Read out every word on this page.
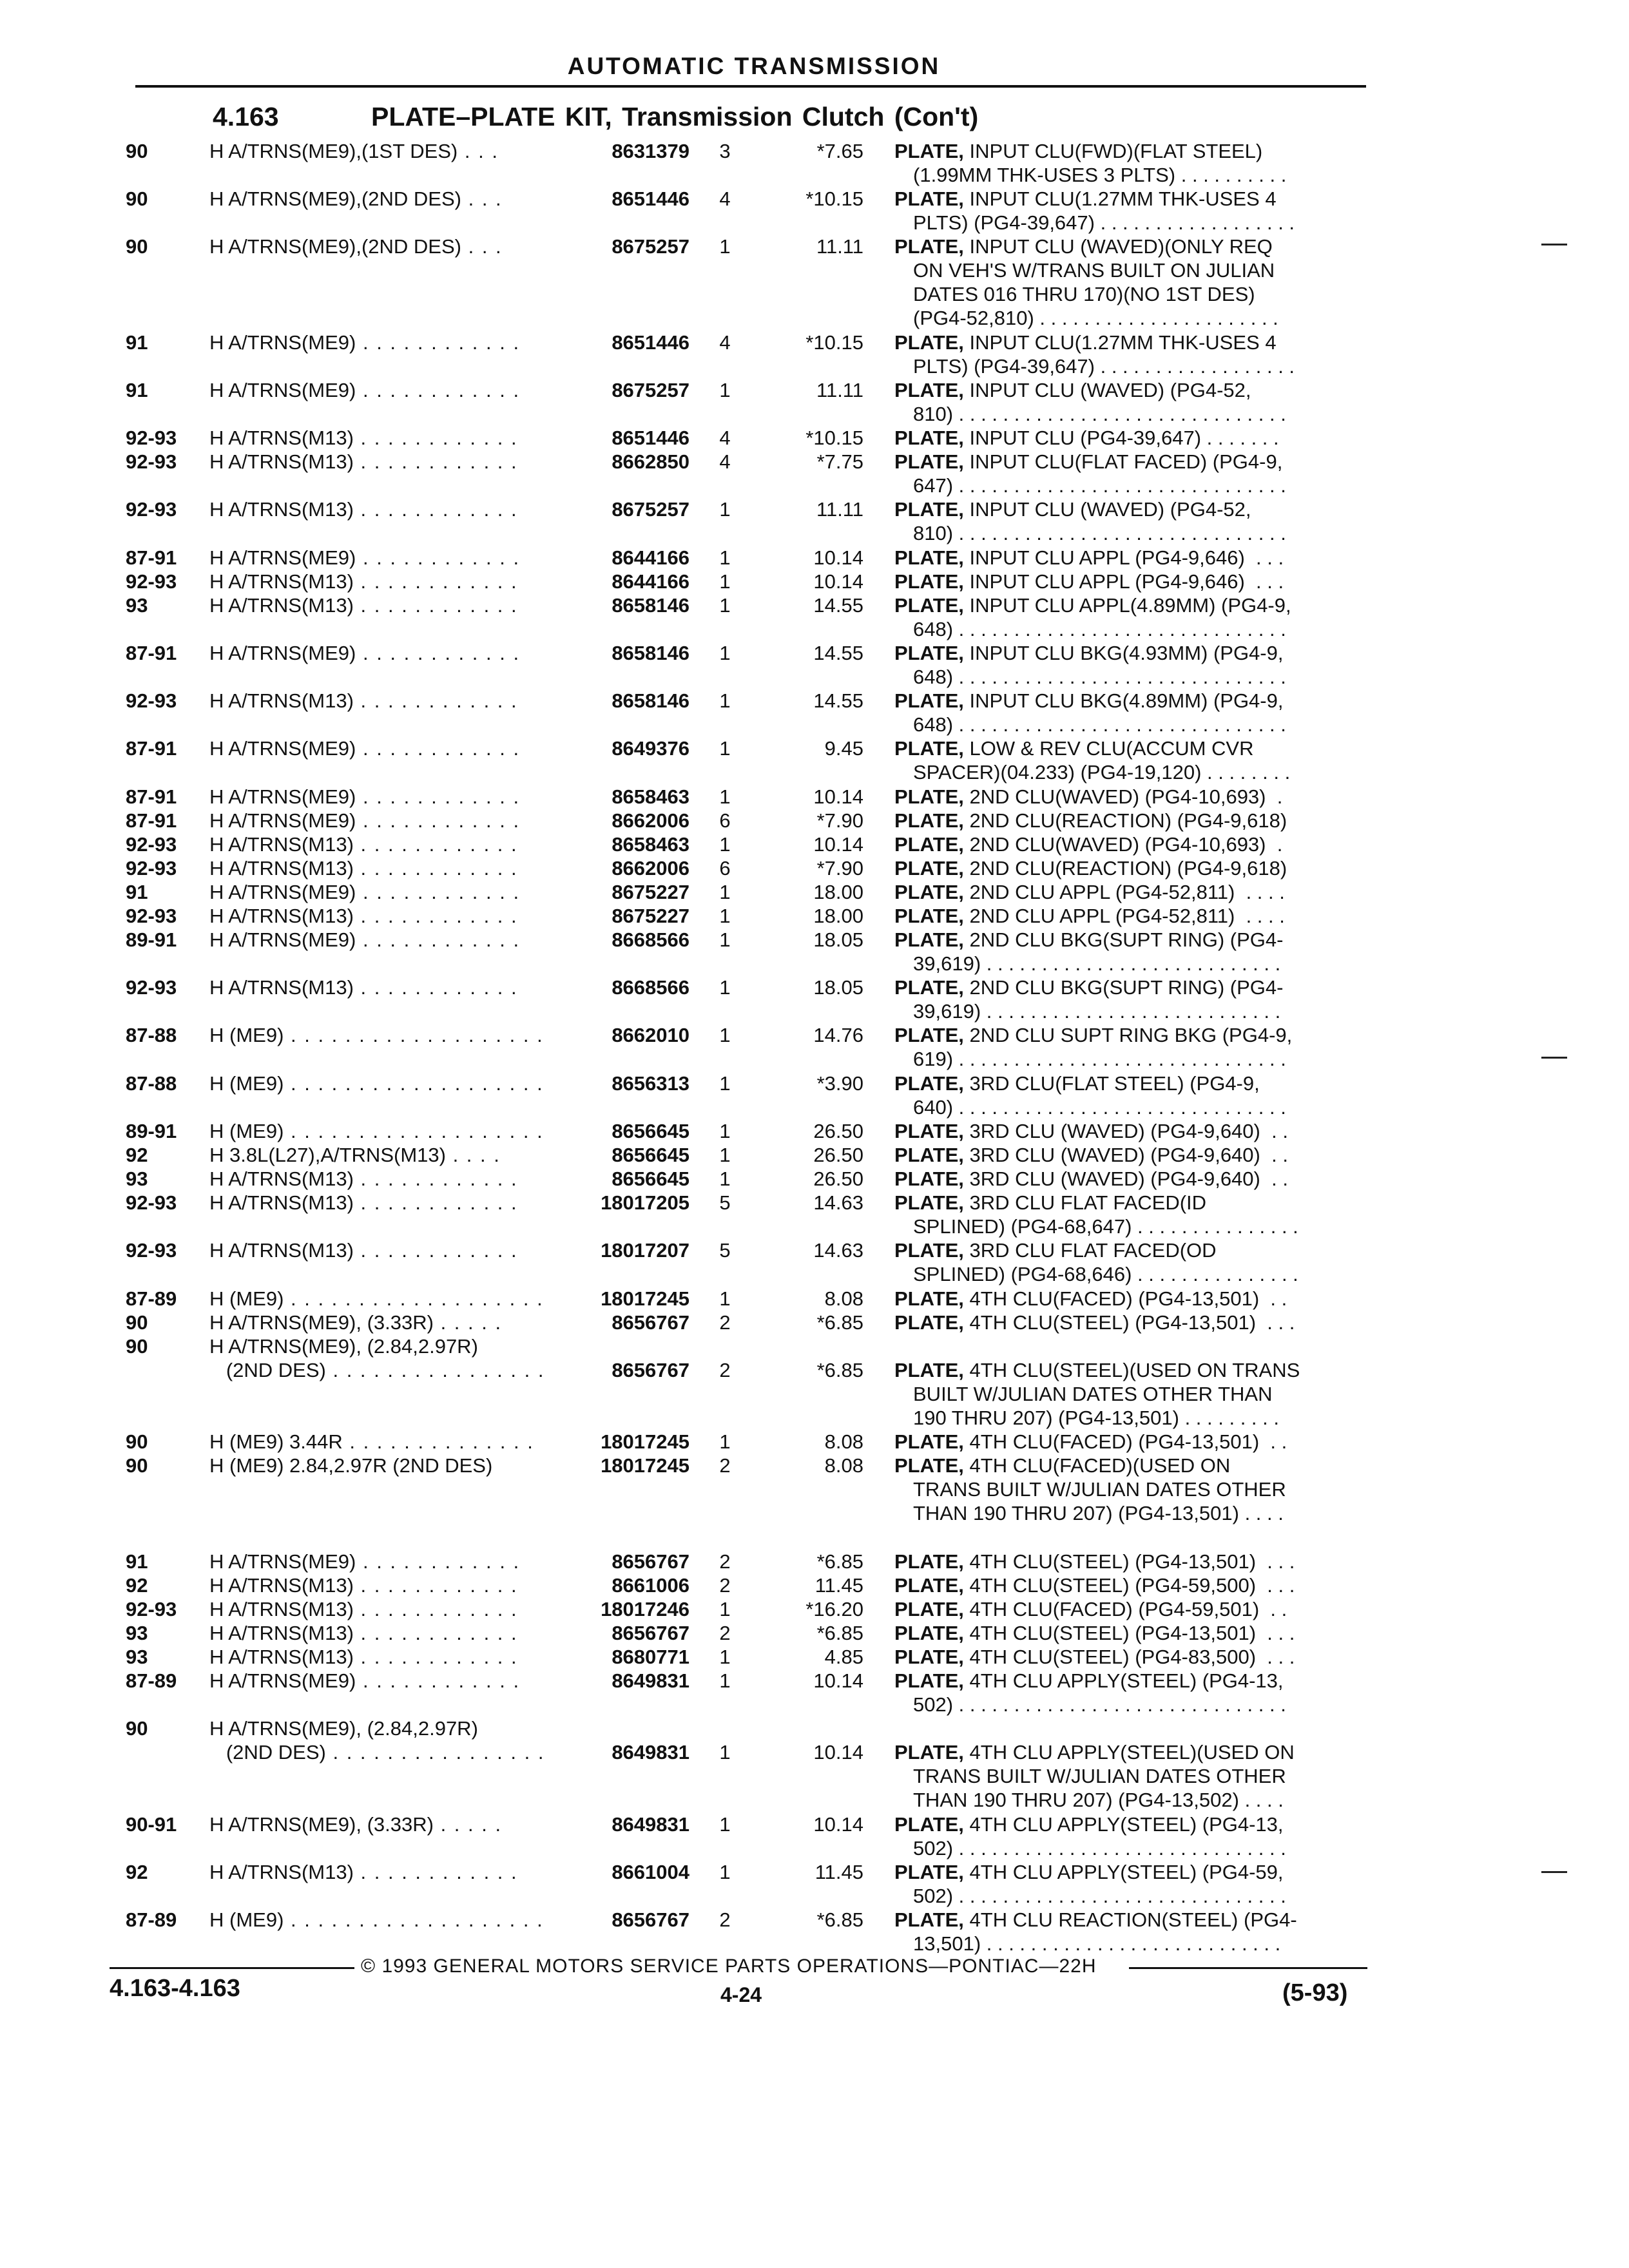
AUTOMATIC TRANSMISSION
4.163	PLATE–PLATE KIT, Transmission Clutch (Con't)
90	H A/TRNS(ME9),(1ST DES) . . .	8631379	3	*7.65 PLATE, INPUT CLU(FWD)(FLAT STEEL)
(1.99MM THK-USES 3 PLTS) . . . . . . . . . .
90	H A/TRNS(ME9),(2ND DES) . . .	8651446	4	*10.15 PLATE, INPUT CLU(1.27MM THK-USES 4
PLTS) (PG4-39,647) . . . . . . . . . . . . . . . . . .
90	H A/TRNS(ME9),(2ND DES) . . .	8675257	1	11.11 PLATE, INPUT CLU (WAVED)(ONLY REQ
ON VEH'S W/TRANS BUILT ON JULIAN
DATES 016 THRU 170)(NO 1ST DES)
(PG4-52,810) . . . . . . . . . . . . . . . . . . . . . .
91	H A/TRNS(ME9) . . . . . . . . . . . .	8651446	4	*10.15 PLATE, INPUT CLU(1.27MM THK-USES 4
PLTS) (PG4-39,647) . . . . . . . . . . . . . . . . . .
91	H A/TRNS(ME9) . . . . . . . . . . . .	8675257	1	11.11 PLATE, INPUT CLU (WAVED) (PG4-52,
810) . . . . . . . . . . . . . . . . . . . . . . . . . . . . . .
92-93	H A/TRNS(M13) . . . . . . . . . . . .	8651446	4	*10.15 PLATE, INPUT CLU (PG4-39,647) . . . . . . .
92-93	H A/TRNS(M13) . . . . . . . . . . . .	8662850	4	*7.75 PLATE, INPUT CLU(FLAT FACED) (PG4-9,
647) . . . . . . . . . . . . . . . . . . . . . . . . . . . . . .
92-93	H A/TRNS(M13) . . . . . . . . . . . .	8675257	1	11.11 PLATE, INPUT CLU (WAVED) (PG4-52,
810) . . . . . . . . . . . . . . . . . . . . . . . . . . . . . .
87-91	H A/TRNS(ME9) . . . . . . . . . . . .	8644166	1	10.14 PLATE, INPUT CLU APPL (PG4-9,646)  . . .
92-93	H A/TRNS(M13) . . . . . . . . . . . .	8644166	1	10.14 PLATE, INPUT CLU APPL (PG4-9,646)  . . .
93	H A/TRNS(M13) . . . . . . . . . . . .	8658146	1	14.55 PLATE, INPUT CLU APPL(4.89MM) (PG4-9,
648) . . . . . . . . . . . . . . . . . . . . . . . . . . . . . .
87-91	H A/TRNS(ME9) . . . . . . . . . . . .	8658146	1	14.55 PLATE, INPUT CLU BKG(4.93MM) (PG4-9,
648) . . . . . . . . . . . . . . . . . . . . . . . . . . . . . .
92-93	H A/TRNS(M13) . . . . . . . . . . . .	8658146	1	14.55 PLATE, INPUT CLU BKG(4.89MM) (PG4-9,
648) . . . . . . . . . . . . . . . . . . . . . . . . . . . . . .
87-91	H A/TRNS(ME9) . . . . . . . . . . . .	8649376	1	9.45 PLATE, LOW & REV CLU(ACCUM CVR
SPACER)(04.233) (PG4-19,120) . . . . . . . .
87-91	H A/TRNS(ME9) . . . . . . . . . . . .	8658463	1	10.14 PLATE, 2ND CLU(WAVED) (PG4-10,693)  .
87-91	H A/TRNS(ME9) . . . . . . . . . . . .	8662006	6	*7.90 PLATE, 2ND CLU(REACTION) (PG4-9,618)
92-93	H A/TRNS(M13) . . . . . . . . . . . .	8658463	1	10.14 PLATE, 2ND CLU(WAVED) (PG4-10,693)  .
92-93	H A/TRNS(M13) . . . . . . . . . . . .	8662006	6	*7.90 PLATE, 2ND CLU(REACTION) (PG4-9,618)
91	H A/TRNS(ME9) . . . . . . . . . . . .	8675227	1	18.00 PLATE, 2ND CLU APPL (PG4-52,811)  . . . .
92-93	H A/TRNS(M13) . . . . . . . . . . . .	8675227	1	18.00 PLATE, 2ND CLU APPL (PG4-52,811)  . . . .
89-91	H A/TRNS(ME9) . . . . . . . . . . . .	8668566	1	18.05 PLATE, 2ND CLU BKG(SUPT RING) (PG4-
39,619) . . . . . . . . . . . . . . . . . . . . . . . . . . .
92-93	H A/TRNS(M13) . . . . . . . . . . . .	8668566	1	18.05 PLATE, 2ND CLU BKG(SUPT RING) (PG4-
39,619) . . . . . . . . . . . . . . . . . . . . . . . . . . .
87-88	H (ME9) . . . . . . . . . . . . . . . . . . .	8662010	1	14.76 PLATE, 2ND CLU SUPT RING BKG (PG4-9,
619) . . . . . . . . . . . . . . . . . . . . . . . . . . . . . .
87-88	H (ME9) . . . . . . . . . . . . . . . . . . .	8656313	1	*3.90 PLATE, 3RD CLU(FLAT STEEL) (PG4-9,
640) . . . . . . . . . . . . . . . . . . . . . . . . . . . . . .
89-91	H (ME9) . . . . . . . . . . . . . . . . . . .	8656645	1	26.50 PLATE, 3RD CLU (WAVED) (PG4-9,640)  . .
92	H 3.8L(L27),A/TRNS(M13) . . . .	8656645	1	26.50 PLATE, 3RD CLU (WAVED) (PG4-9,640)  . .
93	H A/TRNS(M13) . . . . . . . . . . . .	8656645	1	26.50 PLATE, 3RD CLU (WAVED) (PG4-9,640)  . .
92-93	H A/TRNS(M13) . . . . . . . . . . . .	18017205	5	14.63 PLATE, 3RD CLU FLAT FACED(ID
SPLINED) (PG4-68,647) . . . . . . . . . . . . . . .
92-93	H A/TRNS(M13) . . . . . . . . . . . .	18017207	5	14.63 PLATE, 3RD CLU FLAT FACED(OD
SPLINED) (PG4-68,646) . . . . . . . . . . . . . . .
87-89	H (ME9) . . . . . . . . . . . . . . . . . . .	18017245	1	8.08 PLATE, 4TH CLU(FACED) (PG4-13,501)  . .
90	H A/TRNS(ME9), (3.33R) . . . . .	8656767	2	*6.85 PLATE, 4TH CLU(STEEL) (PG4-13,501)  . . .
90	H A/TRNS(ME9), (2.84,2.97R)
(2ND DES) . . . . . . . . . . . . . . . .	8656767	2	*6.85 PLATE, 4TH CLU(STEEL)(USED ON TRANS
BUILT W/JULIAN DATES OTHER THAN
190 THRU 207) (PG4-13,501) . . . . . . . . .
90	H (ME9) 3.44R . . . . . . . . . . . . . .	18017245	1	8.08 PLATE, 4TH CLU(FACED) (PG4-13,501)  . .
90	H (ME9) 2.84,2.97R (2ND DES)	18017245	2	8.08 PLATE, 4TH CLU(FACED)(USED ON
TRANS BUILT W/JULIAN DATES OTHER
THAN 190 THRU 207) (PG4-13,501) . . . .
91	H A/TRNS(ME9) . . . . . . . . . . . .	8656767	2	*6.85 PLATE, 4TH CLU(STEEL) (PG4-13,501)  . . .
92	H A/TRNS(M13) . . . . . . . . . . . .	8661006	2	11.45 PLATE, 4TH CLU(STEEL) (PG4-59,500)  . . .
92-93	H A/TRNS(M13) . . . . . . . . . . . .	18017246	1	*16.20 PLATE, 4TH CLU(FACED) (PG4-59,501)  . .
93	H A/TRNS(M13) . . . . . . . . . . . .	8656767	2	*6.85 PLATE, 4TH CLU(STEEL) (PG4-13,501)  . . .
93	H A/TRNS(M13) . . . . . . . . . . . .	8680771	1	4.85 PLATE, 4TH CLU(STEEL) (PG4-83,500)  . . .
87-89	H A/TRNS(ME9) . . . . . . . . . . . .	8649831	1	10.14 PLATE, 4TH CLU APPLY(STEEL) (PG4-13,
502) . . . . . . . . . . . . . . . . . . . . . . . . . . . . . .
90	H A/TRNS(ME9), (2.84,2.97R)
(2ND DES) . . . . . . . . . . . . . . . .	8649831	1	10.14 PLATE, 4TH CLU APPLY(STEEL)(USED ON
TRANS BUILT W/JULIAN DATES OTHER
THAN 190 THRU 207) (PG4-13,502) . . . .
90-91	H A/TRNS(ME9), (3.33R) . . . . .	8649831	1	10.14 PLATE, 4TH CLU APPLY(STEEL) (PG4-13,
502) . . . . . . . . . . . . . . . . . . . . . . . . . . . . . .
92	H A/TRNS(M13) . . . . . . . . . . . .	8661004	1	11.45 PLATE, 4TH CLU APPLY(STEEL) (PG4-59,
502) . . . . . . . . . . . . . . . . . . . . . . . . . . . . . .
87-89	H (ME9) . . . . . . . . . . . . . . . . . . .	8656767	2	*6.85 PLATE, 4TH CLU REACTION(STEEL) (PG4-
13,501) . . . . . . . . . . . . . . . . . . . . . . . . . . .
© 1993 GENERAL MOTORS SERVICE PARTS OPERATIONS—PONTIAC—22H
4.163-4.163	4-24	(5-93)
